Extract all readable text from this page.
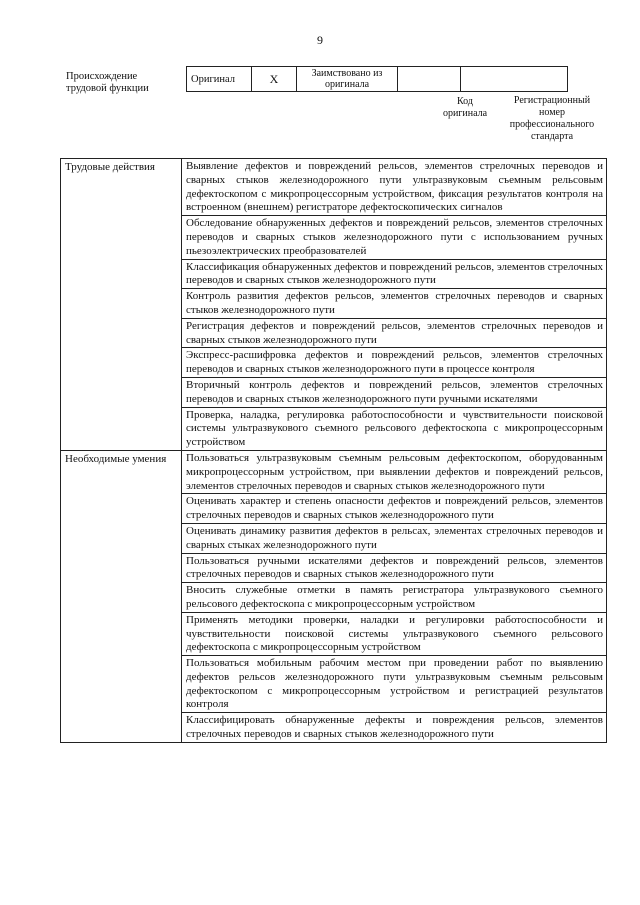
9
Происхождение трудовой функции
Оригинал	X	Заимствовано из оригинала		
Код оригинала
Регистрационный номер профессионального стандарта
Трудовые действия	Выявление дефектов и повреждений рельсов, элементов стрелочных переводов и сварных стыков железнодорожного пути ультразвуковым съемным рельсовым дефектоскопом с микропроцессорным устройством, фиксация результатов контроля на встроенном (внешнем) регистраторе дефектоскопических сигналов
	Обследование обнаруженных дефектов и повреждений рельсов, элементов стрелочных переводов и сварных стыков железнодорожного пути с использованием ручных пьезоэлектрических преобразователей
	Классификация обнаруженных дефектов и повреждений рельсов, элементов стрелочных переводов и сварных стыков железнодорожного пути
	Контроль развития дефектов рельсов, элементов стрелочных переводов и сварных стыков железнодорожного пути
	Регистрация дефектов и повреждений рельсов, элементов стрелочных переводов и сварных стыков железнодорожного пути
	Экспресс-расшифровка дефектов и повреждений рельсов, элементов стрелочных переводов и сварных стыков железнодорожного пути в процессе контроля
	Вторичный контроль дефектов и повреждений рельсов, элементов стрелочных переводов и сварных стыков железнодорожного пути ручными искателями
	Проверка, наладка, регулировка работоспособности и чувствительности поисковой системы ультразвукового съемного рельсового дефектоскопа с микропроцессорным устройством
Необходимые умения	Пользоваться ультразвуковым съемным рельсовым дефектоскопом, оборудованным микропроцессорным устройством, при выявлении дефектов и повреждений рельсов, элементов стрелочных переводов и сварных стыков железнодорожного пути
	Оценивать характер и степень опасности дефектов и повреждений рельсов, элементов стрелочных переводов и сварных стыков железнодорожного пути
	Оценивать динамику развития дефектов в рельсах, элементах стрелочных переводов и сварных стыках железнодорожного пути
	Пользоваться ручными искателями дефектов и повреждений рельсов, элементов стрелочных переводов и сварных стыков железнодорожного пути
	Вносить служебные отметки в память регистратора ультразвукового съемного рельсового дефектоскопа с микропроцессорным устройством
	Применять методики проверки, наладки и регулировки работоспособности и чувствительности поисковой системы ультразвукового съемного рельсового дефектоскопа с микропроцессорным устройством
	Пользоваться мобильным рабочим местом при проведении работ по выявлению дефектов рельсов железнодорожного пути ультразвуковым съемным рельсовым дефектоскопом с микропроцессорным устройством и регистрацией результатов контроля
	Классифицировать обнаруженные дефекты и повреждения рельсов, элементов стрелочных переводов и сварных стыков железнодорожного пути
